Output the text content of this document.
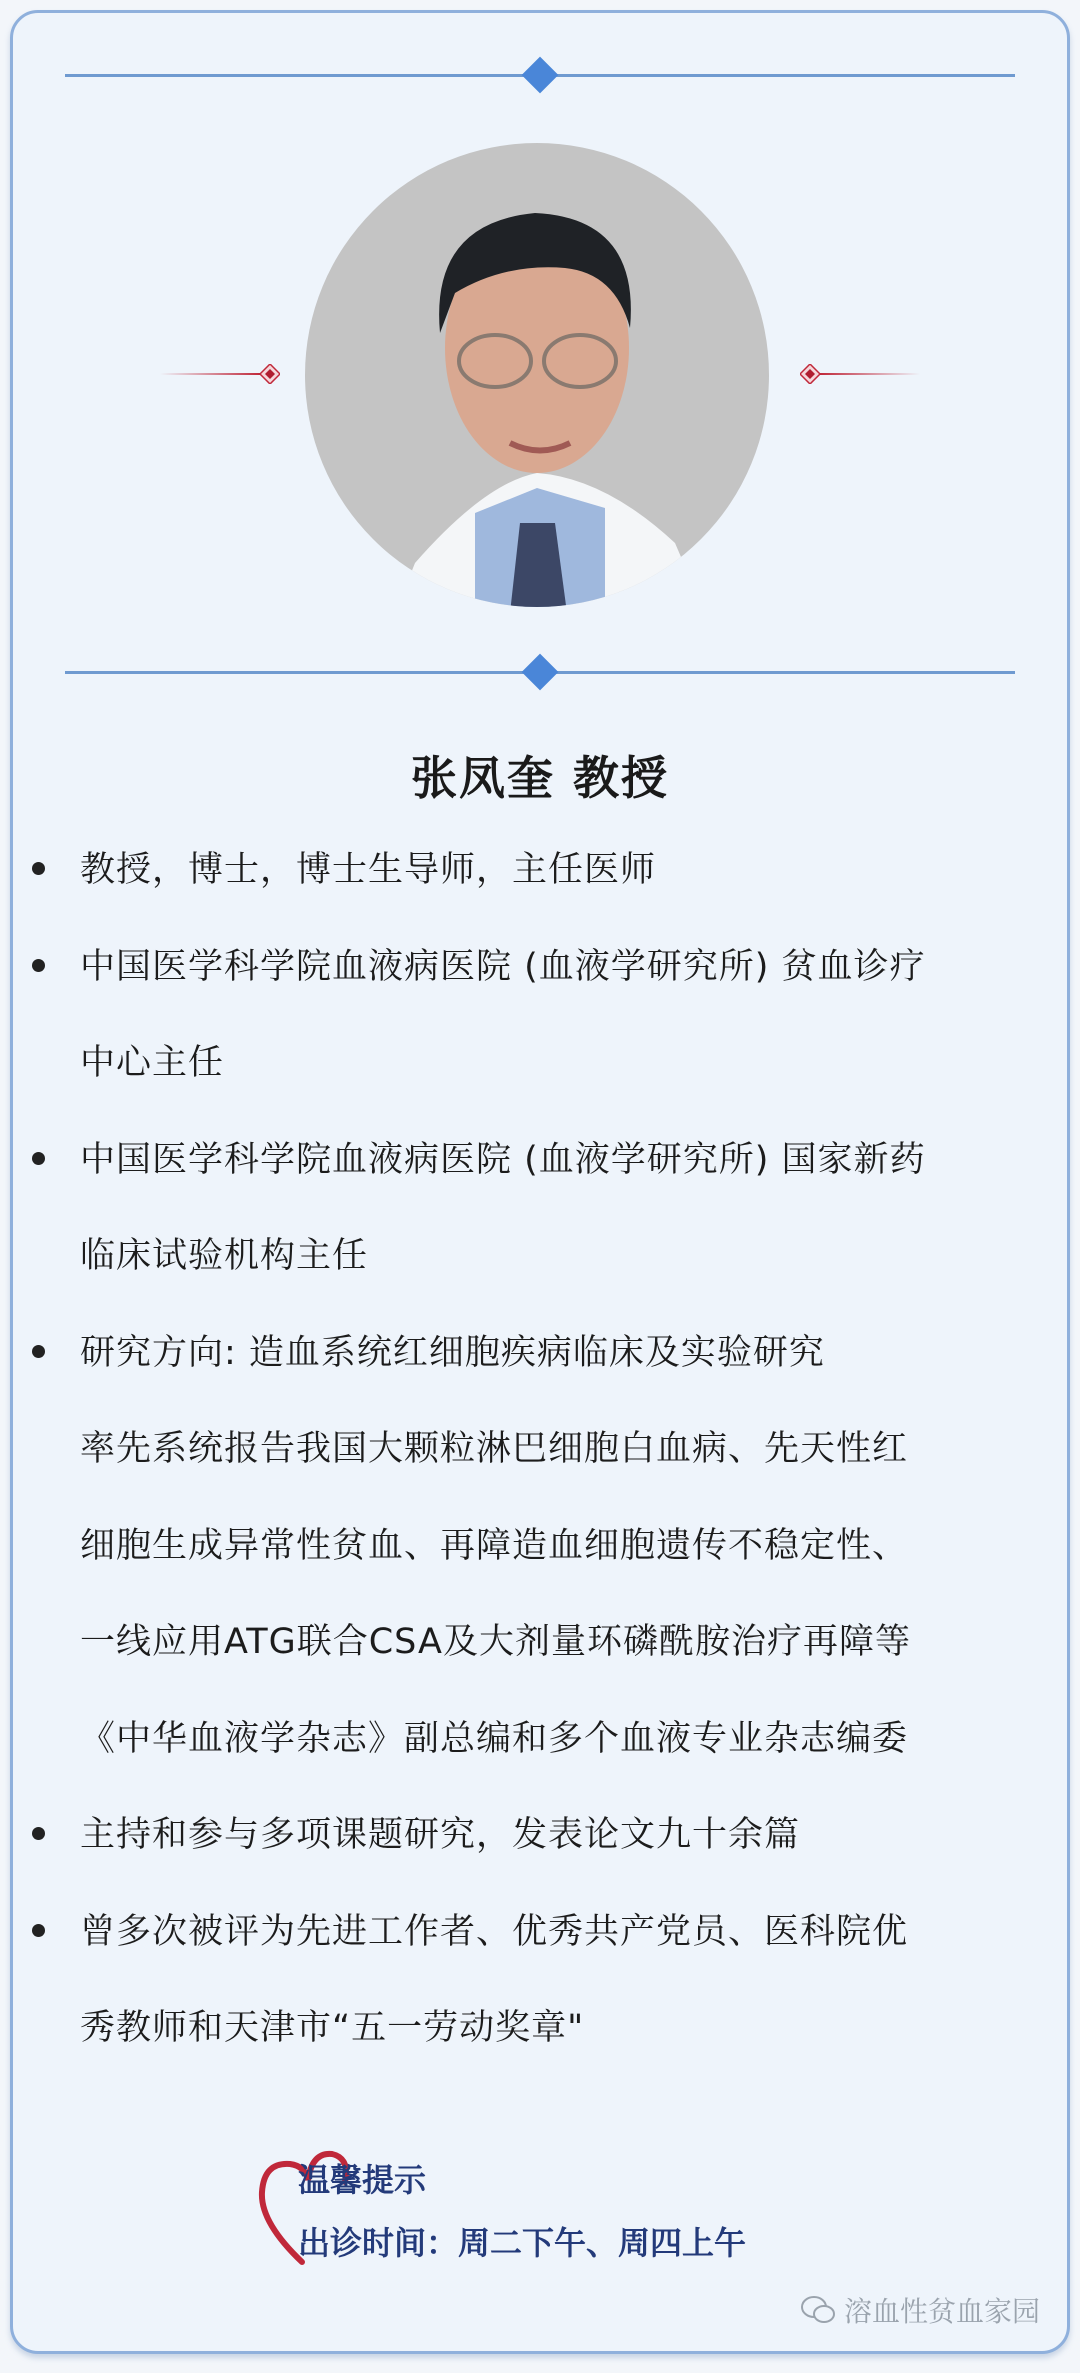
张凤奎 教授
教授，博士，博士生导师，主任医师
中国医学科学院血液病医院 (血液学研究所) 贫血诊疗
中心主任
中国医学科学院血液病医院 (血液学研究所) 国家新药
临床试验机构主任
研究方向: 造血系统红细胞疾病临床及实验研究
率先系统报告我国大颗粒淋巴细胞白血病、先天性红
细胞生成异常性贫血、再障造血细胞遗传不稳定性、
一线应用ATG联合CSA及大剂量环磷酰胺治疗再障等
《中华血液学杂志》副总编和多个血液专业杂志编委
主持和参与多项课题研究，发表论文九十余篇
曾多次被评为先进工作者、优秀共产党员、医科院优
秀教师和天津市“五一劳动奖章"
温馨提示
出诊时间：周二下午、周四上午
溶血性贫血家园
